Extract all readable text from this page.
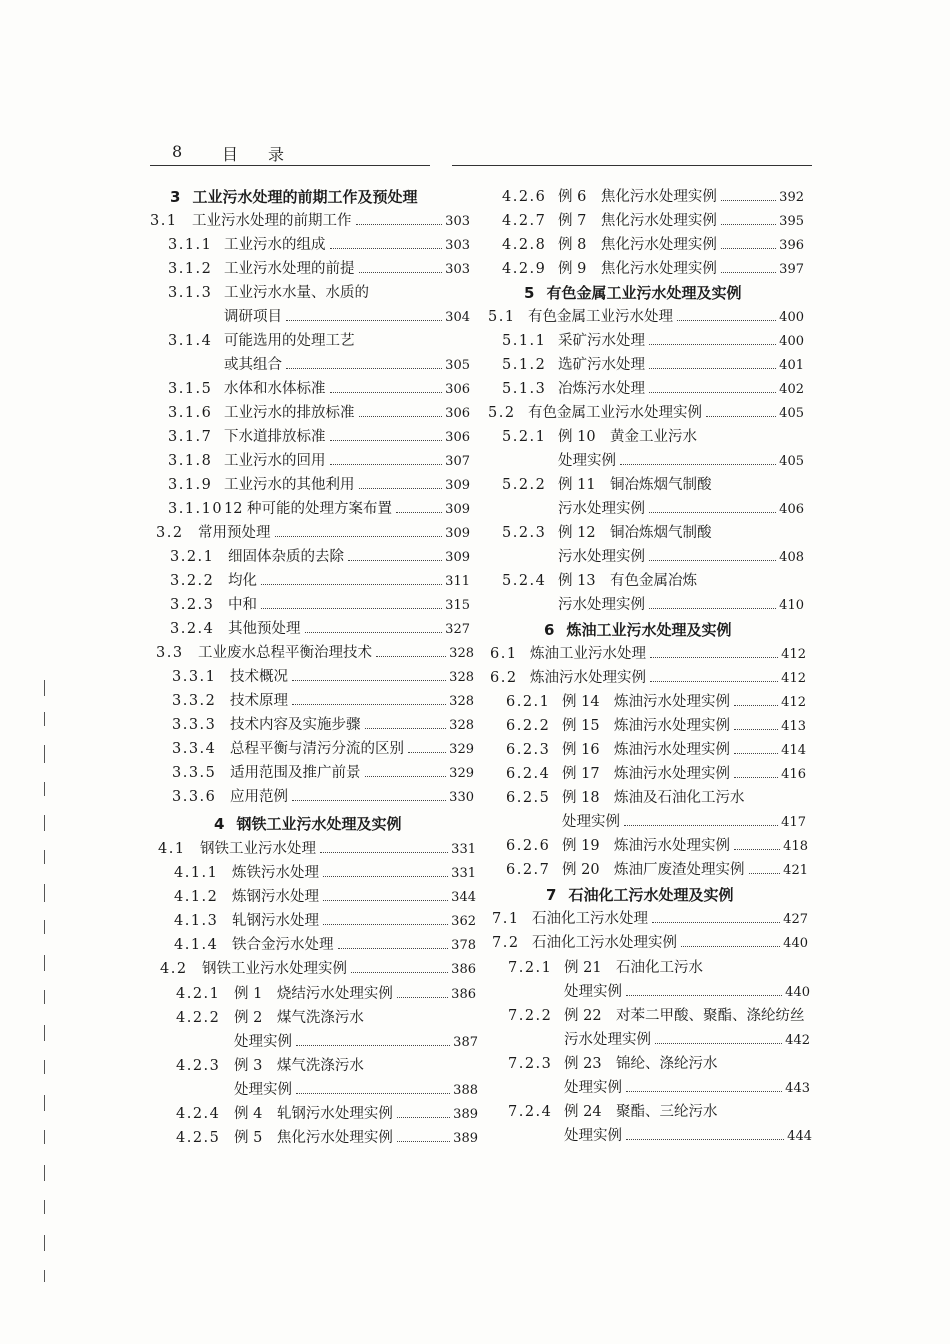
8 目 录
3 工业污水处理的前期工作及预处理
3.1 工业污水处理的前期工作	303
3.1.1 工业污水的组成	303
3.1.2 工业污水处理的前提	303
3.1.3 工业污水水量、水质的
调研项目	304
3.1.4 可能选用的处理工艺
或其组合	305
3.1.5 水体和水体标准	306
3.1.6 工业污水的排放标准	306
3.1.7 下水道排放标准	306
3.1.8 工业污水的回用	307
3.1.9 工业污水的其他利用	309
3.1.10 12 种可能的处理方案布置	309
3.2 常用预处理	309
3.2.1 细固体杂质的去除	309
3.2.2 均化	311
3.2.3 中和	315
3.2.4 其他预处理	327
3.3 工业废水总程平衡治理技术	328
3.3.1 技术概况	328
3.3.2 技术原理	328
3.3.3 技术内容及实施步骤	328
3.3.4 总程平衡与清污分流的区别	329
3.3.5 适用范围及推广前景	329
3.3.6 应用范例	330
4 钢铁工业污水处理及实例
4.1 钢铁工业污水处理	331
4.1.1 炼铁污水处理	331
4.1.2 炼钢污水处理	344
4.1.3 轧钢污水处理	362
4.1.4 铁合金污水处理	378
4.2 钢铁工业污水处理实例	386
4.2.1 例 1　烧结污水处理实例	386
4.2.2 例 2　煤气洗涤污水
处理实例	387
4.2.3 例 3　煤气洗涤污水
处理实例	388
4.2.4 例 4　轧钢污水处理实例	389
4.2.5 例 5　焦化污水处理实例	389
4.2.6 例 6　焦化污水处理实例	392
4.2.7 例 7　焦化污水处理实例	395
4.2.8 例 8　焦化污水处理实例	396
4.2.9 例 9　焦化污水处理实例	397
5 有色金属工业污水处理及实例
5.1 有色金属工业污水处理	400
5.1.1 采矿污水处理	400
5.1.2 选矿污水处理	401
5.1.3 冶炼污水处理	402
5.2 有色金属工业污水处理实例	405
5.2.1 例 10　黄金工业污水
处理实例	405
5.2.2 例 11　铜冶炼烟气制酸
污水处理实例	406
5.2.3 例 12　铜冶炼烟气制酸
污水处理实例	408
5.2.4 例 13　有色金属冶炼
污水处理实例	410
6 炼油工业污水处理及实例
6.1 炼油工业污水处理	412
6.2 炼油污水处理实例	412
6.2.1 例 14　炼油污水处理实例	412
6.2.2 例 15　炼油污水处理实例	413
6.2.3 例 16　炼油污水处理实例	414
6.2.4 例 17　炼油污水处理实例	416
6.2.5 例 18　炼油及石油化工污水
处理实例	417
6.2.6 例 19　炼油污水处理实例	418
6.2.7 例 20　炼油厂废渣处理实例	421
7 石油化工污水处理及实例
7.1 石油化工污水处理	427
7.2 石油化工污水处理实例	440
7.2.1 例 21　石油化工污水
处理实例	440
7.2.2 例 22　对苯二甲酸、聚酯、涤纶纺丝
污水处理实例	442
7.2.3 例 23　锦纶、涤纶污水
处理实例	443
7.2.4 例 24　聚酯、三纶污水
处理实例	444
